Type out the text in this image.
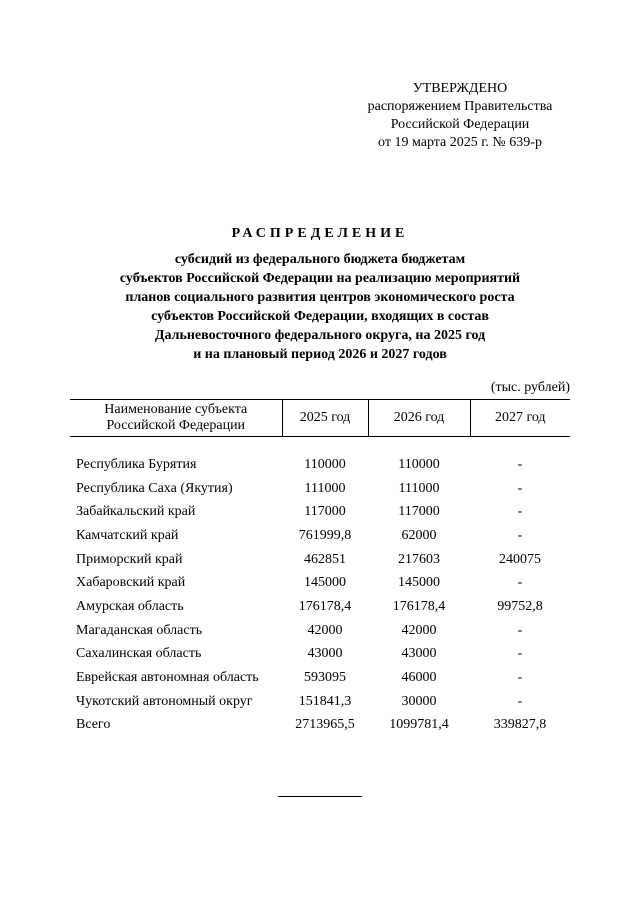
УТВЕРЖДЕНО
распоряжением Правительства
Российской Федерации
от 19 марта 2025 г. № 639-р
РАСПРЕДЕЛЕНИЕ
субсидий из федерального бюджета бюджетам
субъектов Российской Федерации на реализацию мероприятий
планов социального развития центров экономического роста
субъектов Российской Федерации, входящих в состав
Дальневосточного федерального округа, на 2025 год
и на плановый период 2026 и 2027 годов
(тыс. рублей)
Наименование субъекта Российской Федерации	2025 год	2026 год	2027 год

Республика Бурятия	110000	110000	-
Республика Саха (Якутия)	111000	111000	-
Забайкальский край	117000	117000	-
Камчатский край	761999,8	62000	-
Приморский край	462851	217603	240075
Хабаровский край	145000	145000	-
Амурская область	176178,4	176178,4	99752,8
Магаданская область	42000	42000	-
Сахалинская область	43000	43000	-
Еврейская автономная область	593095	46000	-
Чукотский автономный округ	151841,3	30000	-
Всего	2713965,5	1099781,4	339827,8
